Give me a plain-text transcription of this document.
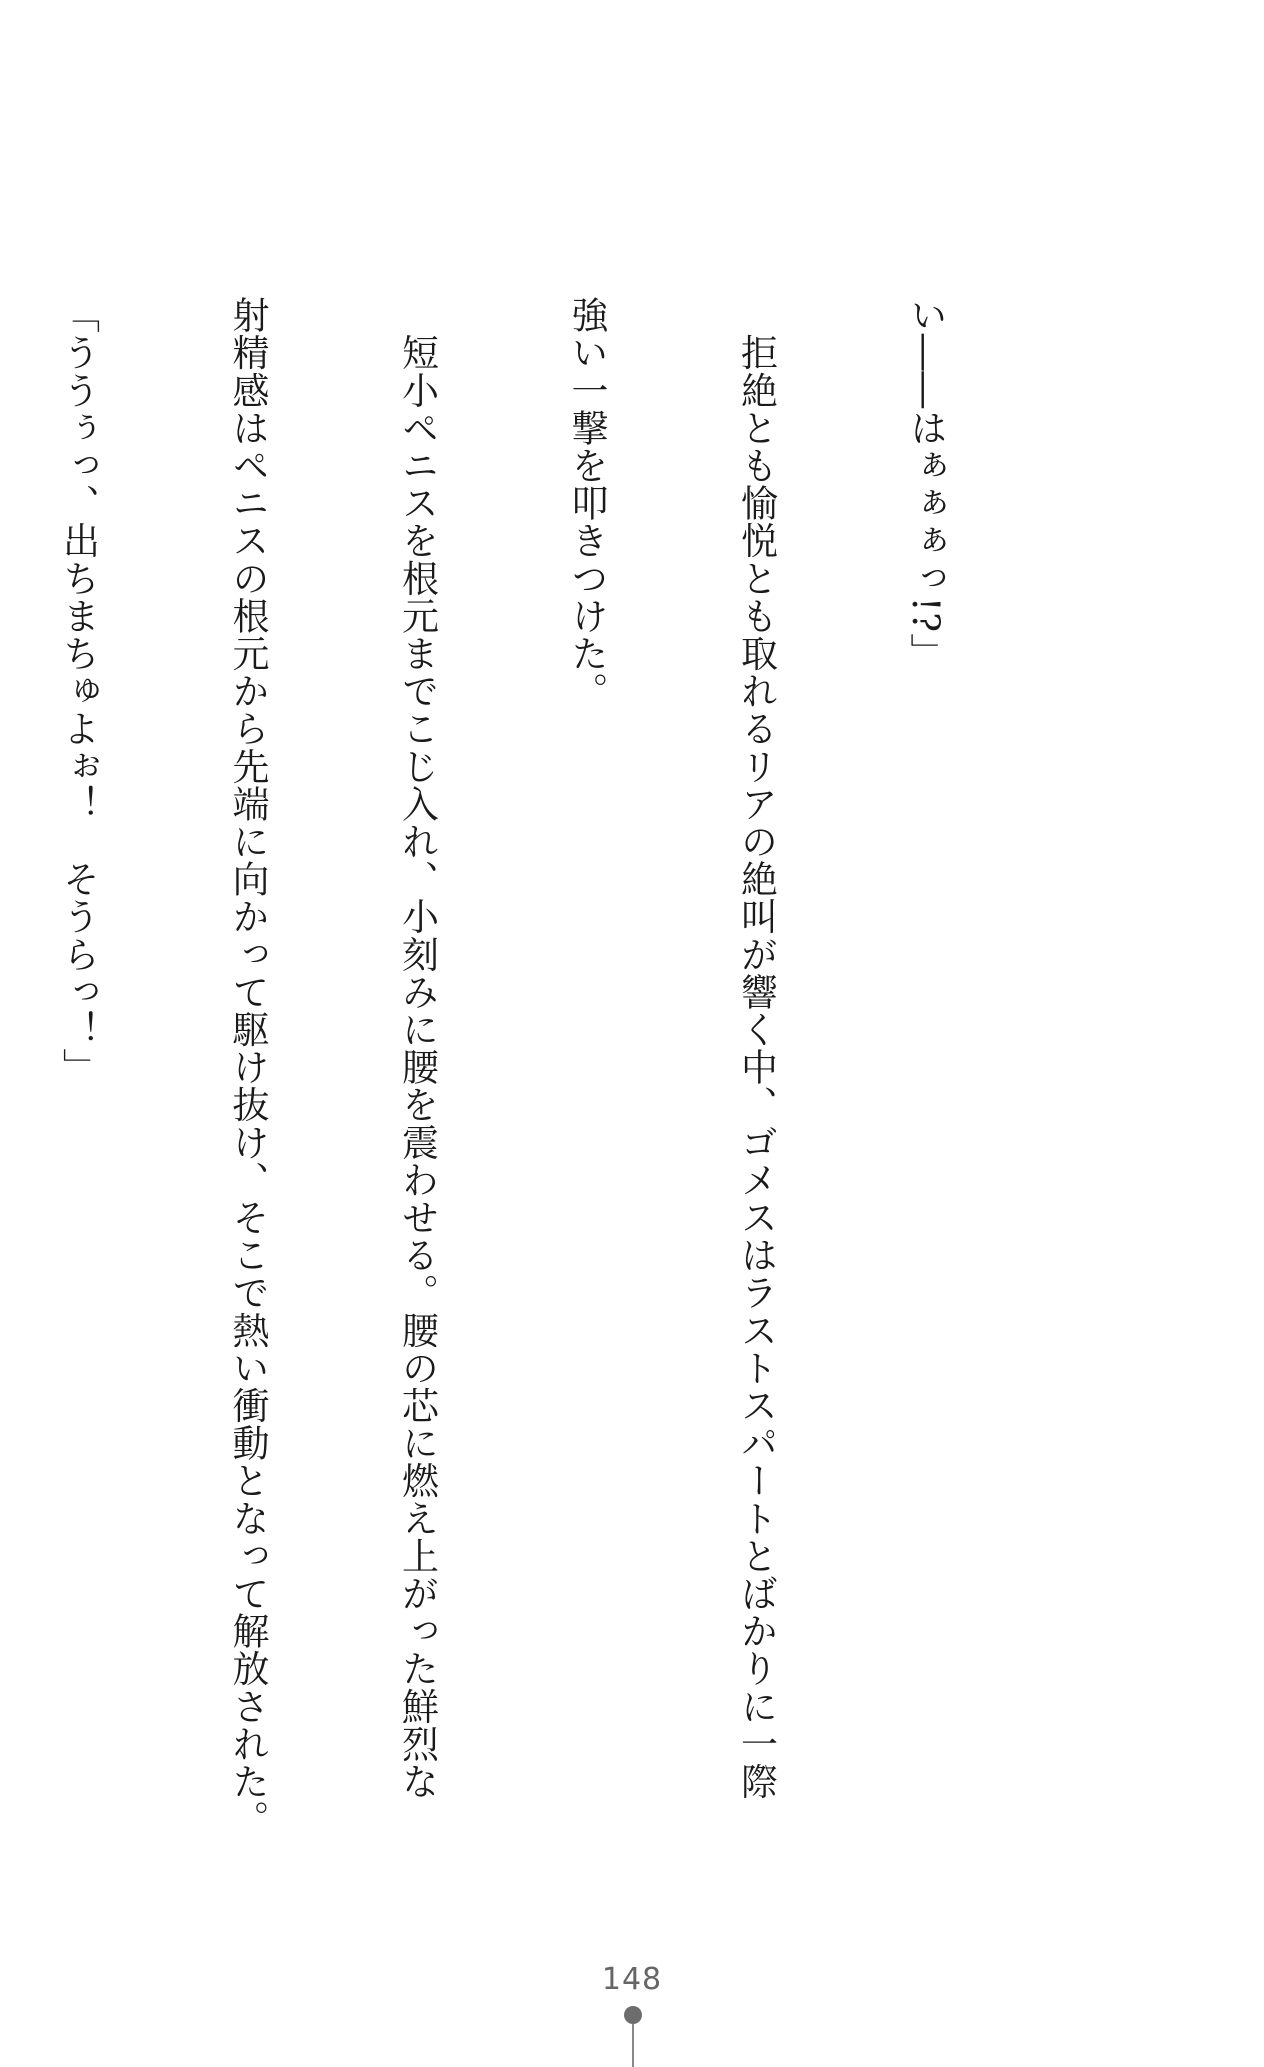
い――はぁぁぁっ!?」

　拒絶とも愉悦とも取れるリアの絶叫が響く中、ゴメスはラストスパートとばかりに一際

強い一撃を叩きつけた。

　短小ペニスを根元までこじ入れ、小刻みに腰を震わせる。腰の芯に燃え上がった鮮烈な

射精感はペニスの根元から先端に向かって駆け抜け、そこで熱い衝動となって解放された。

「ううぅっ、出ちまちゅよぉ！　そうらっ！」

148
